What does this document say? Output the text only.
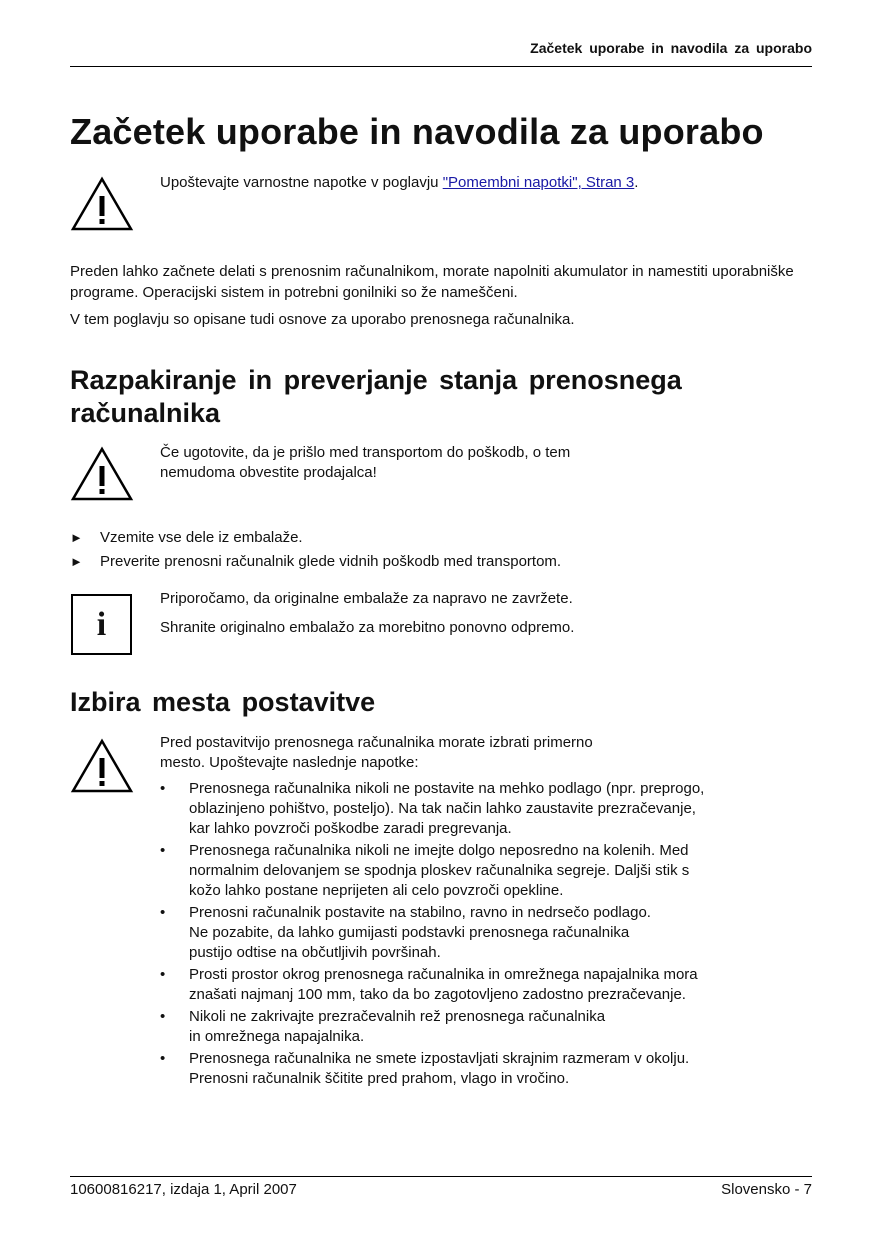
Začetek uporabe in navodila za uporabo
Začetek uporabe in navodila za uporabo

Upoštevajte varnostne napotke v poglavju "Pomembni napotki", Stran 3.

Preden lahko začnete delati s prenosnim računalnikom, morate napolniti akumulator in namestiti uporabniške programe. Operacijski sistem in potrebni gonilniki so že nameščeni.

V tem poglavju so opisane tudi osnove za uporabo prenosnega računalnika.

Razpakiranje in preverjanje stanja prenosnega
računalnika

Če ugotovite, da je prišlo med transportom do poškodb, o tem
nemudoma obvestite prodajalca!

►	Vzemite vse dele iz embalaže.
►	Preverite prenosni računalnik glede vidnih poškodb med transportom.
i

Priporočamo, da originalne embalaže za napravo ne zavržete.

Shranite originalno embalažo za morebitno ponovno odpremo.

Izbira mesta postavitve

Pred postavitvijo prenosnega računalnika morate izbrati primerno
mesto. Upoštevajte naslednje napotke:

•	Prenosnega računalnika nikoli ne postavite na mehko podlago (npr. preprogo,
oblazinjeno pohištvo, posteljo). Na tak način lahko zaustavite prezračevanje,
kar lahko povzroči poškodbe zaradi pregrevanja.
•	Prenosnega računalnika nikoli ne imejte dolgo neposredno na kolenih. Med
normalnim delovanjem se spodnja ploskev računalnika segreje. Daljši stik s
kožo lahko postane neprijeten ali celo povzroči opekline.
•	Prenosni računalnik postavite na stabilno, ravno in nedrsečo podlago.
Ne pozabite, da lahko gumijasti podstavki prenosnega računalnika
pustijo odtise na občutljivih površinah.
•	Prosti prostor okrog prenosnega računalnika in omrežnega napajalnika mora
znašati najmanj 100 mm, tako da bo zagotovljeno zadostno prezračevanje.
•	Nikoli ne zakrivajte prezračevalnih rež prenosnega računalnika
in omrežnega napajalnika.
•	Prenosnega računalnika ne smete izpostavljati skrajnim razmeram v okolju.
Prenosni računalnik ščitite pred prahom, vlago in vročino.
10600816217, izdaja 1, April 2007	Slovensko - 7
